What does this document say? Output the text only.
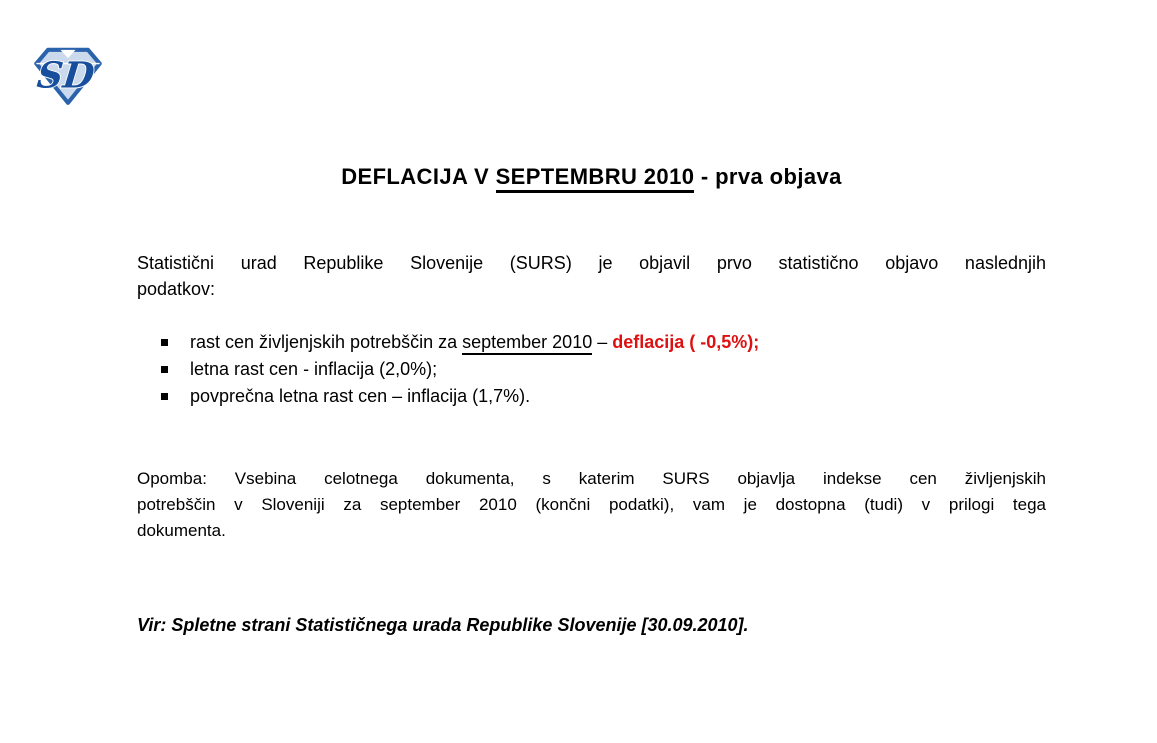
SD
DEFLACIJA V SEPTEMBRU 2010 - prva objava

Statistični urad Republike Slovenije (SURS) je objavil prvo statistično objavo naslednjih
podatkov:

rast cen življenjskih potrebščin za september 2010 – deflacija ( -0,5%);
letna rast cen - inflacija (2,0%);
povprečna letna rast cen – inflacija (1,7%).

Opomba: Vsebina celotnega dokumenta, s katerim SURS objavlja indekse cen življenjskih
potrebščin v Sloveniji za september 2010 (končni podatki), vam je dostopna (tudi) v prilogi tega
dokumenta.

Vir: Spletne strani Statističnega urada Republike Slovenije [30.09.2010].
